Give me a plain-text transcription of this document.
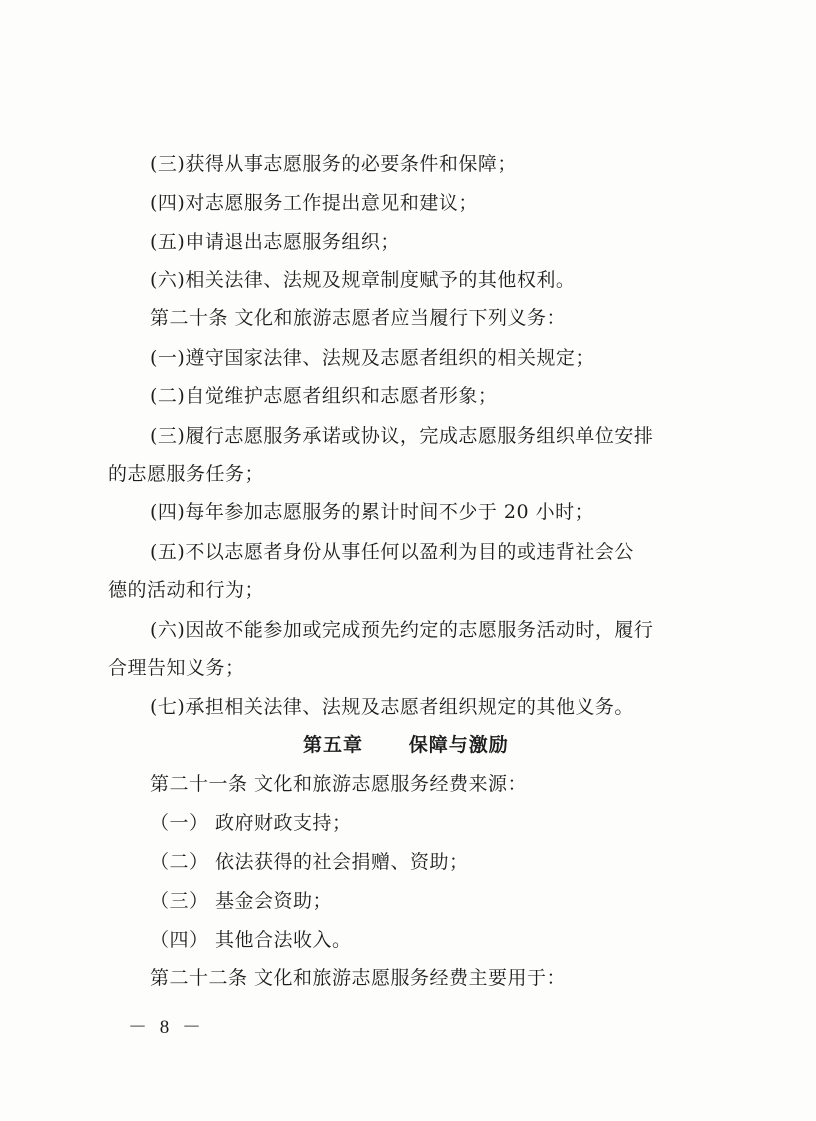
(三)获得从事志愿服务的必要条件和保障；
(四)对志愿服务工作提出意见和建议；
(五)申请退出志愿服务组织；
(六)相关法律、法规及规章制度赋予的其他权利。
第二十条 文化和旅游志愿者应当履行下列义务：
(一)遵守国家法律、法规及志愿者组织的相关规定；
(二)自觉维护志愿者组织和志愿者形象；
(三)履行志愿服务承诺或协议，完成志愿服务组织单位安排
的志愿服务任务；
(四)每年参加志愿服务的累计时间不少于 20 小时；
(五)不以志愿者身份从事任何以盈利为目的或违背社会公
德的活动和行为；
(六)因故不能参加或完成预先约定的志愿服务活动时，履行
合理告知义务；
(七)承担相关法律、法规及志愿者组织规定的其他义务。
第五章      保障与激励
第二十一条 文化和旅游志愿服务经费来源：
（一） 政府财政支持；
（二） 依法获得的社会捐赠、资助；
（三） 基金会资助；
（四） 其他合法收入。
第二十二条 文化和旅游志愿服务经费主要用于：
－ 8 －
